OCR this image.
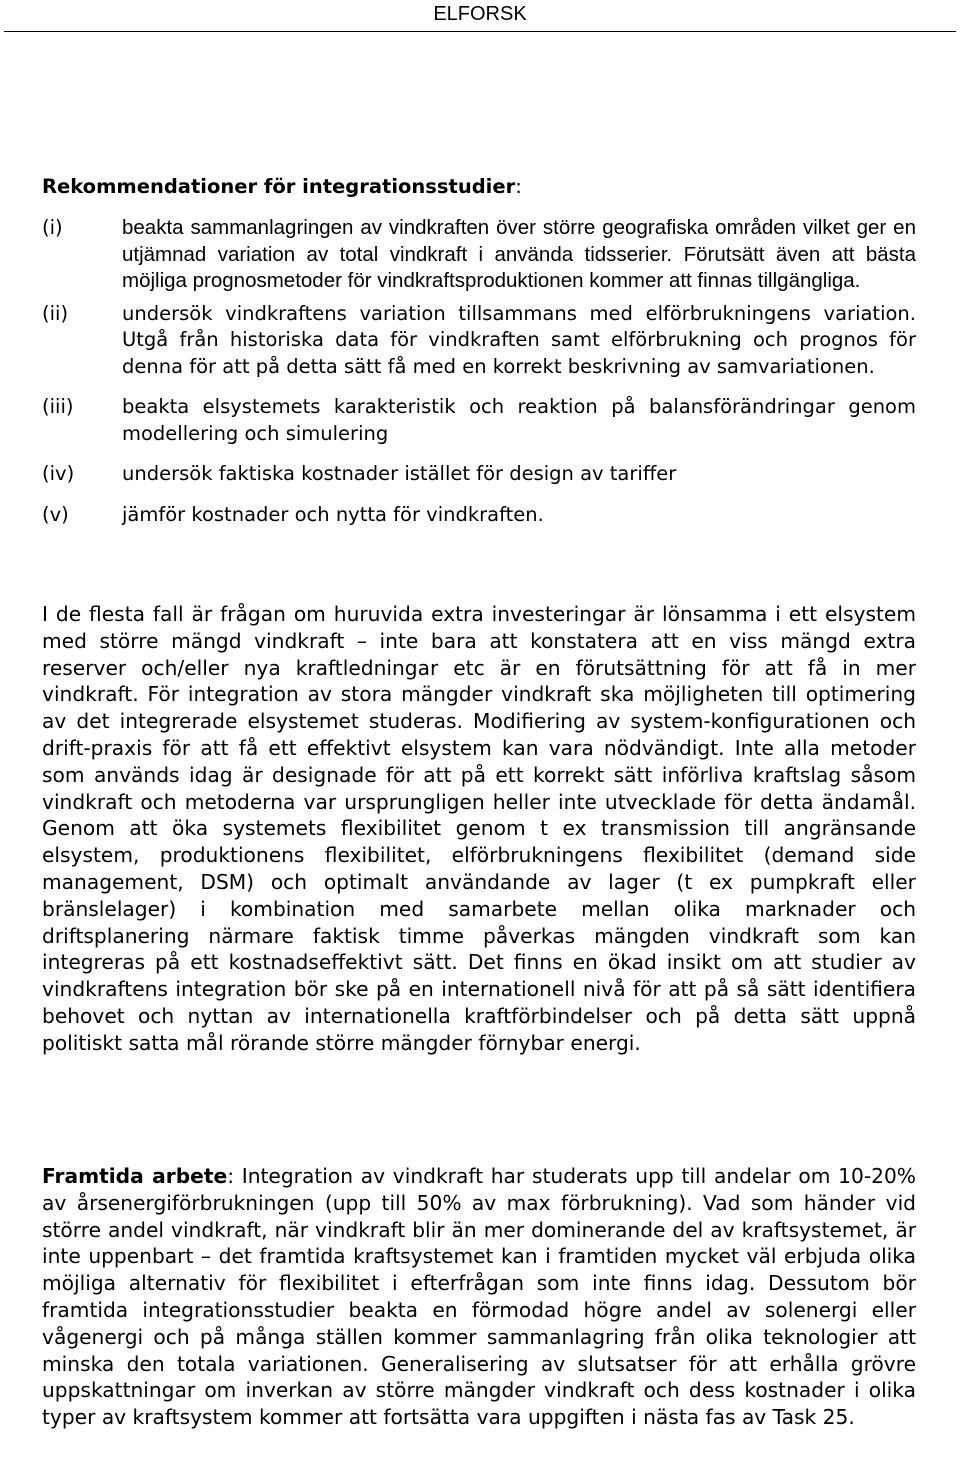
ELFORSK
Rekommendationer för integrationsstudier:
(i)	beakta sammanlagringen av vindkraften över större geografiska områden vilket ger en utjämnad variation av total vindkraft i använda tidsserier. Förutsätt även att bästa möjliga prognosmetoder för vindkraftsproduktionen kommer att finnas tillgängliga.
(ii)	undersök vindkraftens variation tillsammans med elförbrukningens variation. Utgå från historiska data för vindkraften samt elförbrukning och prognos för denna för att på detta sätt få med en korrekt beskrivning av samvariationen.
(iii)	beakta elsystemets karakteristik och reaktion på balansförändringar genom modellering och simulering
(iv)	undersök faktiska kostnader istället för design av tariffer
(v)	jämför kostnader och nytta för vindkraften.
I de flesta fall är frågan om huruvida extra investeringar är lönsamma i ett elsystem med större mängd vindkraft – inte bara att konstatera att en viss mängd extra reserver och/eller nya kraftledningar etc är en förutsättning för att få in mer vindkraft. För integration av stora mängder vindkraft ska möjligheten till optimering av det integrerade elsystemet studeras. Modifiering av system-konfigurationen och drift-praxis för att få ett effektivt elsystem kan vara nödvändigt. Inte alla metoder som används idag är designade för att på ett korrekt sätt införliva kraftslag såsom vindkraft och metoderna var ursprungligen heller inte utvecklade för detta ändamål. Genom att öka systemets flexibilitet genom t ex transmission till angränsande elsystem, produktionens flexibilitet, elförbrukningens flexibilitet (demand side management, DSM) och optimalt användande av lager (t ex pumpkraft eller bränslelager) i kombination med samarbete mellan olika marknader och driftsplanering närmare faktisk timme påverkas mängden vindkraft som kan integreras på ett kostnadseffektivt sätt. Det finns en ökad insikt om att studier av vindkraftens integration bör ske på en internationell nivå för att på så sätt identifiera behovet och nyttan av internationella kraftförbindelser och på detta sätt uppnå politiskt satta mål rörande större mängder förnybar energi.
Framtida arbete: Integration av vindkraft har studerats upp till andelar om 10-20% av årsenergiförbrukningen (upp till 50% av max förbrukning). Vad som händer vid större andel vindkraft, när vindkraft blir än mer dominerande del av kraftsystemet, är inte uppenbart – det framtida kraftsystemet kan i framtiden mycket väl erbjuda olika möjliga alternativ för flexibilitet i efterfrågan som inte finns idag. Dessutom bör framtida integrationsstudier beakta en förmodad högre andel av solenergi eller vågenergi och på många ställen kommer sammanlagring från olika teknologier att minska den totala variationen. Generalisering av slutsatser för att erhålla grövre uppskattningar om inverkan av större mängder vindkraft och dess kostnader i olika typer av kraftsystem kommer att fortsätta vara uppgiften i nästa fas av Task 25.
